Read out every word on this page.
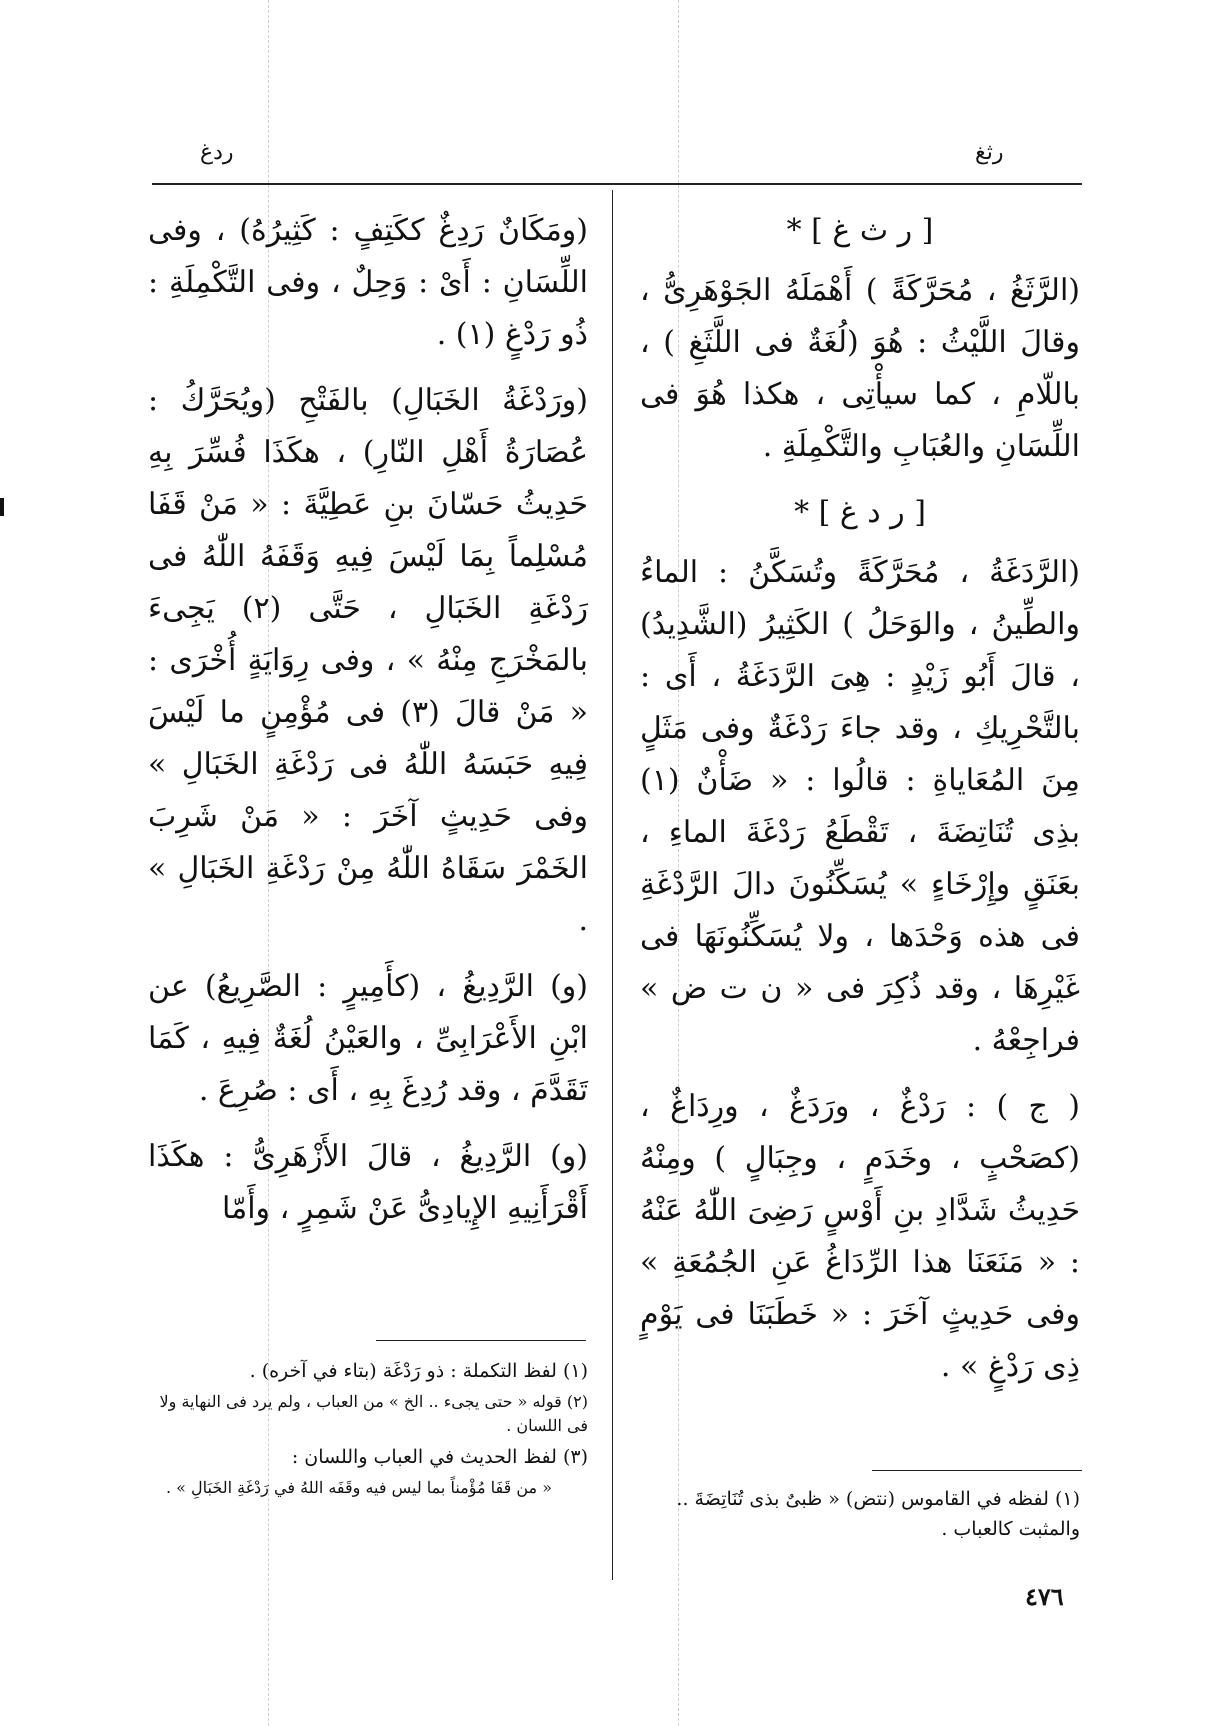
رثغ
ردغ
[ ر ث غ ] *

(الرَّثَغُ ، مُحَرَّكَةً ) أَهْمَلَهُ الجَوْهَرِىُّ ، وقالَ اللَّيْثُ : هُوَ (لُغَةٌ فى اللَّثَغِ ) ، باللّامِ ، كما سيأْتِى ، هكذا هُوَ فى اللِّسَانِ والعُبَابِ والتَّكْمِلَةِ .

[ ر د غ ] *

(الرَّدَغَةُ ، مُحَرَّكَةً وتُسَكَّنُ : الماءُ والطِّينُ ، والوَحَلُ ) الكَثِيرُ (الشَّدِيدُ) ، قالَ أَبُو زَيْدٍ : هِىَ الرَّدَغَةُ ، أَى : بالتَّحْرِيكِ ، وقد جاءَ رَدْغَةٌ وفى مَثَلٍ مِنَ المُعَاياةِ : قالُوا : « ضَأْنٌ (١) بذِى تُنَاتِضَةَ ، تَقْطَعُ رَدْغَةَ الماءِ ، بعَنَقٍ وإِرْخَاءٍ » يُسَكِّنُونَ دالَ الرَّدْغَةِ فى هذه وَحْدَها ، ولا يُسَكِّنُونَهَا فى غَيْرِهَا ، وقد ذُكِرَ فى « ن ت ض » فراجِعْهُ .

( ج ) : رَدْغٌ ، ورَدَغٌ ، ورِدَاغٌ ، (كصَحْبٍ ، وخَدَمٍ ، وجِبَالٍ ) ومِنْهُ حَدِيثُ شَدَّادِ بنِ أَوْسٍ رَضِىَ اللّٰهُ عَنْهُ : « مَنَعَنَا هذا الرِّدَاغُ عَنِ الجُمُعَةِ » وفى حَدِيثٍ آخَرَ : « خَطَبَنَا فى يَوْمٍ ذِى رَدْغٍ » .

(ومَكَانٌ رَدِغٌ ككَتِفٍ : كَثِيرُهُ) ، وفى اللِّسَانِ : أَىْ : وَحِلٌ ، وفى التَّكْمِلَةِ : ذُو رَدْغٍ (١) .

(ورَدْغَةُ الخَبَالِ) بالفَتْحِ (ويُحَرَّكُ : عُصَارَةُ أَهْلِ النّارِ) ، هكَذَا فُسِّرَ بِهِ حَدِيثُ حَسّانَ بنِ عَطِيَّةَ : « مَنْ قَفَا مُسْلِماً بِمَا لَيْسَ فِيهِ وَقَفَهُ اللّٰهُ فى رَدْغَةِ الخَبَالِ ، حَتَّى (٢) يَجِىءَ بالمَخْرَجِ مِنْهُ » ، وفى رِوَايَةٍ أُخْرَى : « مَنْ قالَ (٣) فى مُؤْمِنٍ ما لَيْسَ فِيهِ حَبَسَهُ اللّٰهُ فى رَدْغَةِ الخَبَالِ » وفى حَدِيثٍ آخَرَ : « مَنْ شَرِبَ الخَمْرَ سَقَاهُ اللّٰهُ مِنْ رَدْغَةِ الخَبَالِ » .

(و) الرَّدِيغُ ، (كأَمِيرٍ : الصَّرِيعُ) عن ابْنِ الأَعْرَابِىِّ ، والعَيْنُ لُغَةٌ فِيهِ ، كَمَا تَقَدَّمَ ، وقد رُدِغَ بِهِ ، أَى : صُرِعَ .

(و) الرَّدِيغُ ، قالَ الأَزْهَرِىُّ : هكَذَا أَقْرَأَنِيهِ الإِيادِىُّ عَنْ شَمِرٍ ، وأَمّا

(١) لفظ التكملة : ذو رَدْغَة (بتاء في آخره) .
(٢) قوله « حتى يجىء .. الخ » من العباب ، ولم يرد فى النهاية ولا فى اللسان .
(٣) لفظ الحديث في العباب واللسان :
« من قَفَا مُؤْمناً بما ليس فيه وقَفَه اللهُ في رَدْغَةِ الخَبَالِ » .
(١) لفظه في القاموس (نتض) « ظبىٌ بذى تُنَاتِضَةَ .. والمثبت كالعباب .
٤٧٦
